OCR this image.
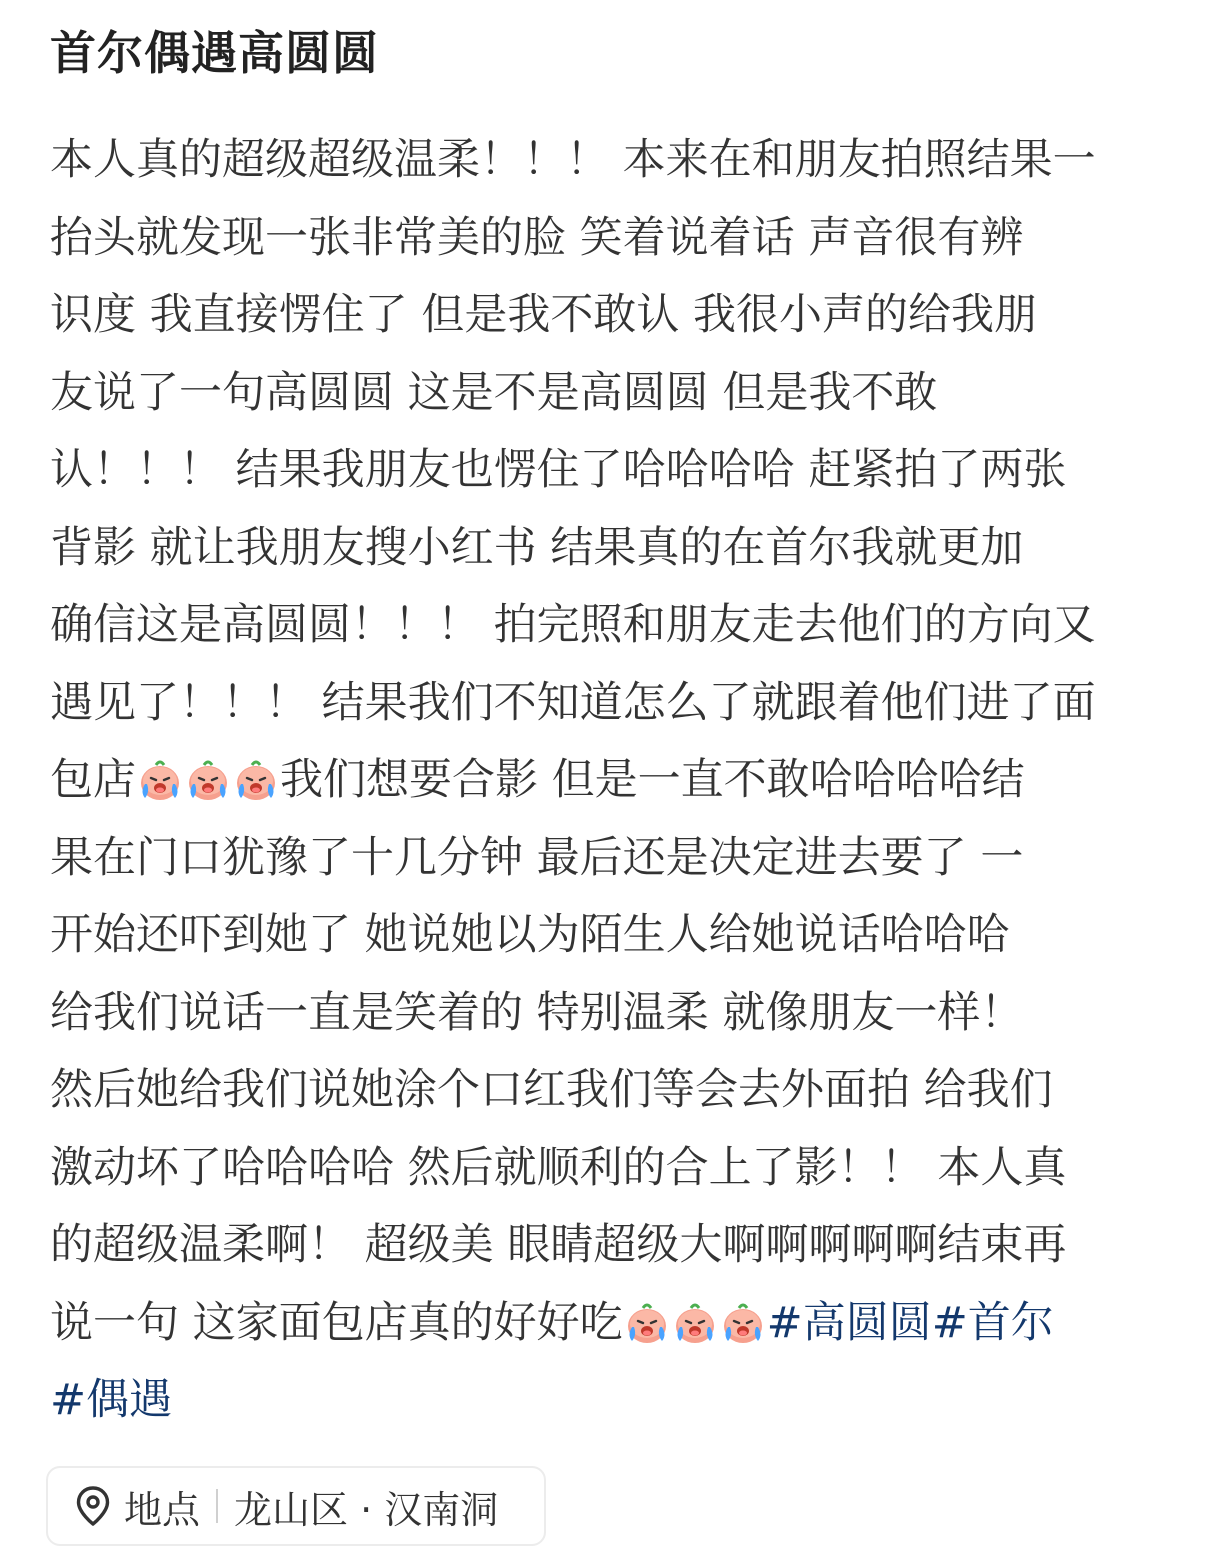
首尔偶遇高圆圆
本人真的超级超级温柔！！！ 本来在和朋友拍照结果一
抬头就发现一张非常美的脸 笑着说着话 声音很有辨
识度 我直接愣住了 但是我不敢认 我很小声的给我朋
友说了一句高圆圆 这是不是高圆圆 但是我不敢
认！！！ 结果我朋友也愣住了哈哈哈哈 赶紧拍了两张
背影 就让我朋友搜小红书 结果真的在首尔我就更加
确信这是高圆圆！！！ 拍完照和朋友走去他们的方向又
遇见了！！！ 结果我们不知道怎么了就跟着他们进了面
包店	我们想要合影 但是一直不敢哈哈哈哈结
果在门口犹豫了十几分钟 最后还是决定进去要了 一
开始还吓到她了 她说她以为陌生人给她说话哈哈哈
给我们说话一直是笑着的 特别温柔 就像朋友一样！
然后她给我们说她涂个口红我们等会去外面拍 给我们
激动坏了哈哈哈哈 然后就顺利的合上了影！！ 本人真
的超级温柔啊！ 超级美 眼睛超级大啊啊啊啊啊结束再
说一句 这家面包店真的好好吃	#高圆圆#首尔
#偶遇
地点 龙山区 · 汉南洞
